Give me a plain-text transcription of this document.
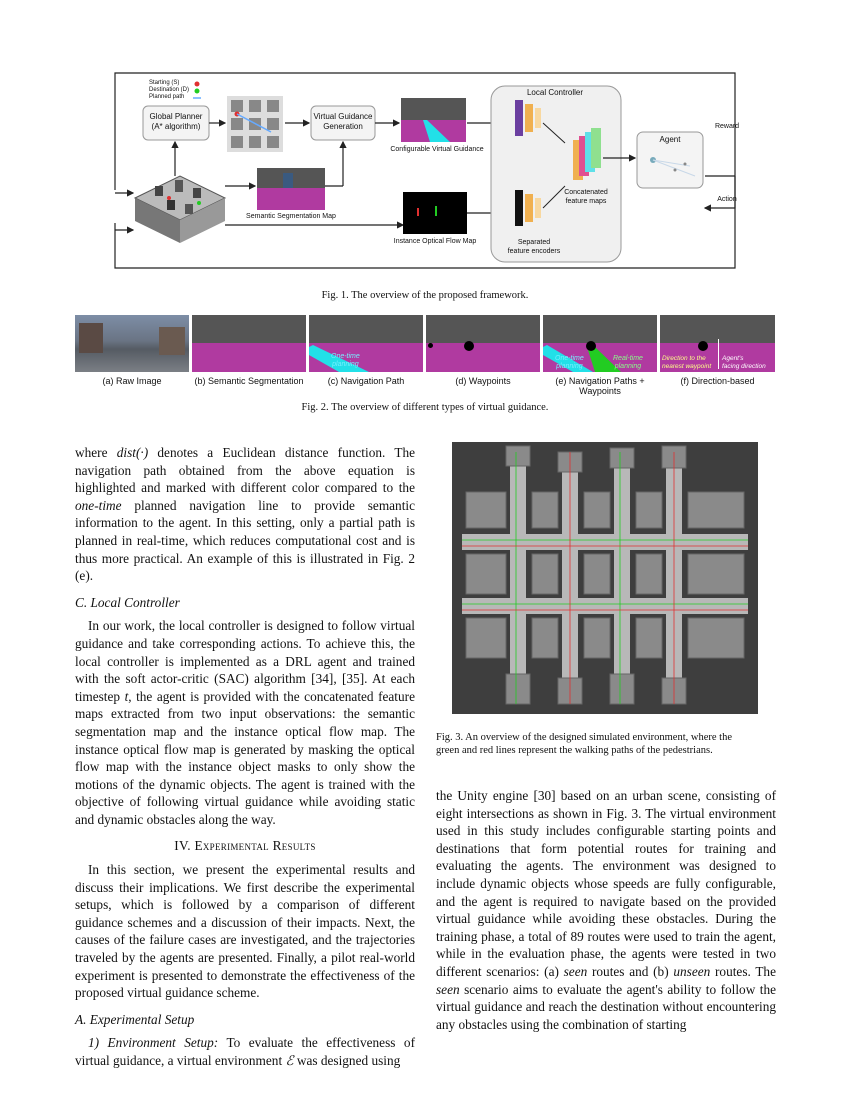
Starting (S)
Destination (D)
Planned path
Global Planner
(A* algorithm)
Virtual Guidance
Generation
Configurable Virtual Guidance
Semantic Segmentation Map
Instance Optical Flow Map
Local Controller
Concatenated
feature maps
Separated
feature encoders
Agent
Reward
Action
Fig. 1. The overview of the proposed framework.
One-time
planning
One-time
planning
Real-time
planning
Direction to the
nearest waypoint
Agent's
facing direction
(a) Raw Image	(b) Semantic Segmentation	(c) Navigation Path	(d) Waypoints	(e) Navigation Paths + Waypoints
(f) Direction-based
Fig. 2. The overview of different types of virtual guidance.
Fig. 3. An overview of the designed simulated environment, where the
green and red lines represent the walking paths of the pedestrians.

where dist(·) denotes a Euclidean distance function. The navigation path obtained from the above equation is highlighted and marked with different color compared to the one-time planned navigation line to provide semantic information to the agent. In this setting, only a partial path is planned in real-time, which reduces computational cost and is thus more practical. An example of this is illustrated in Fig. 2 (e).

C. Local Controller

In our work, the local controller is designed to follow virtual guidance and take corresponding actions. To achieve this, the local controller is implemented as a DRL agent and trained with the soft actor-critic (SAC) algorithm [34], [35]. At each timestep t, the agent is provided with the concatenated feature maps extracted from two input observations: the semantic segmentation map and the instance optical flow map. The instance optical flow map is generated by masking the optical flow map with the instance object masks to only show the motions of the dynamic objects. The agent is trained with the objective of following virtual guidance while avoiding static and dynamic obstacles along the way.

IV. Experimental Results

In this section, we present the experimental results and discuss their implications. We first describe the experimental setups, which is followed by a comparison of different guidance schemes and a discussion of their impacts. Next, the causes of the failure cases are investigated, and the trajectories traveled by the agents are presented. Finally, a pilot real-world experiment is presented to demonstrate the effectiveness of the proposed virtual guidance scheme.

A. Experimental Setup

1) Environment Setup: To evaluate the effectiveness of virtual guidance, a virtual environment ℰ was designed using

the Unity engine [30] based on an urban scene, consisting of eight intersections as shown in Fig. 3. The virtual environment used in this study includes configurable starting points and destinations that form potential routes for training and evaluating the agents. The environment was designed to include dynamic objects whose speeds are fully configurable, and the agent is required to navigate based on the provided virtual guidance while avoiding these obstacles. During the training phase, a total of 89 routes were used to train the agent, while in the evaluation phase, the agents were tested in two different scenarios: (a) seen routes and (b) unseen routes. The seen scenario aims to evaluate the agent's ability to follow the virtual guidance and reach the destination without encountering any obstacles using the combination of starting
